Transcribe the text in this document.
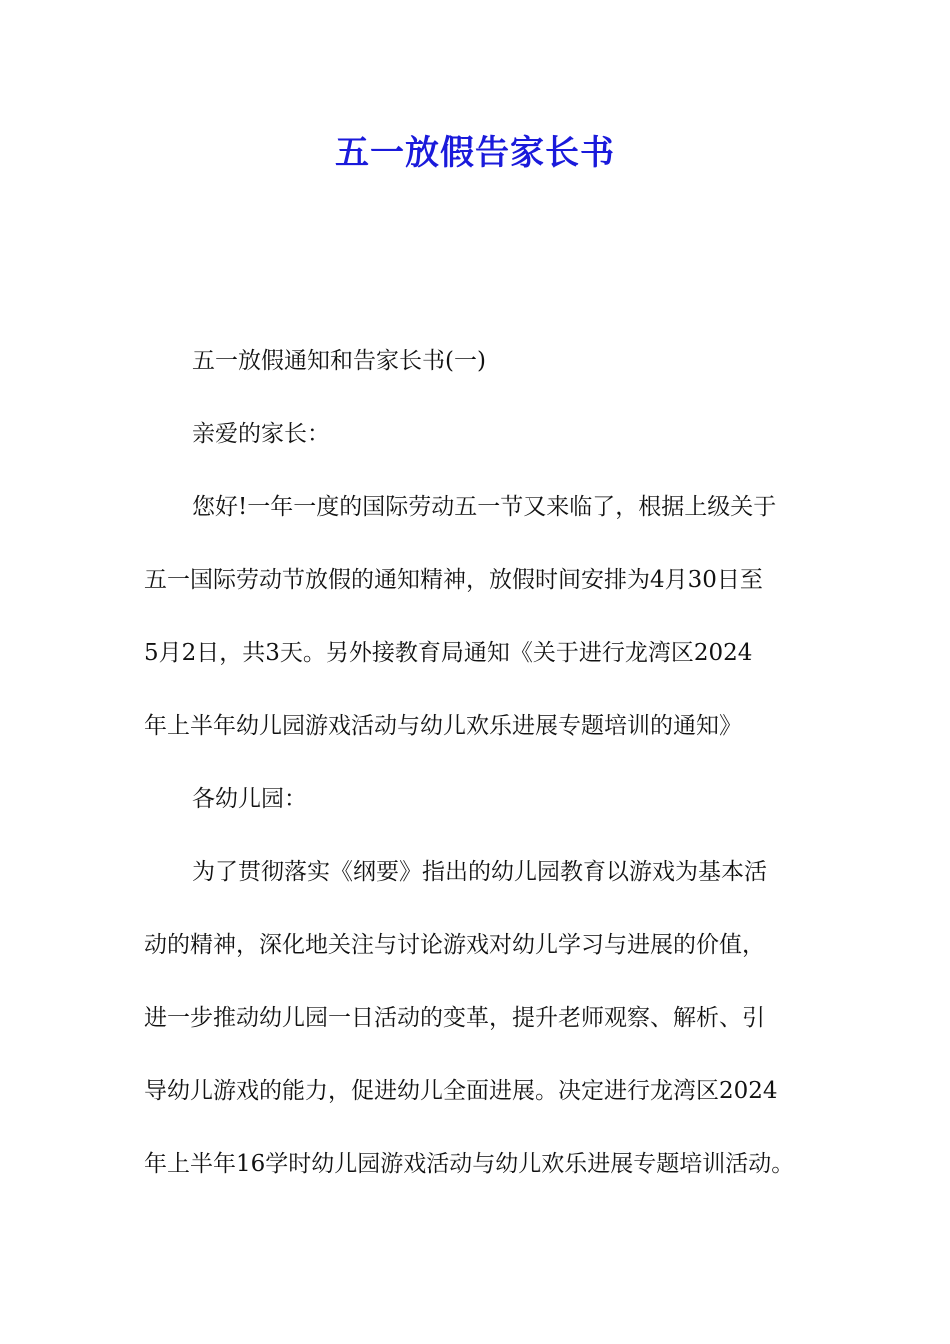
五一放假告家长书
五一放假通知和告家长书(一)
亲爱的家长：
您好!一年一度的国际劳动五一节又来临了，根据上级关于
五一国际劳动节放假的通知精神，放假时间安排为4月30日至
5月2日，共3天。另外接教育局通知《关于进行龙湾区2024
年上半年幼儿园游戏活动与幼儿欢乐进展专题培训的通知》
各幼儿园：
为了贯彻落实《纲要》指出的幼儿园教育以游戏为基本活
动的精神，深化地关注与讨论游戏对幼儿学习与进展的价值，
进一步推动幼儿园一日活动的变革，提升老师观察、解析、引
导幼儿游戏的能力，促进幼儿全面进展。决定进行龙湾区2024
年上半年16学时幼儿园游戏活动与幼儿欢乐进展专题培训活动。
